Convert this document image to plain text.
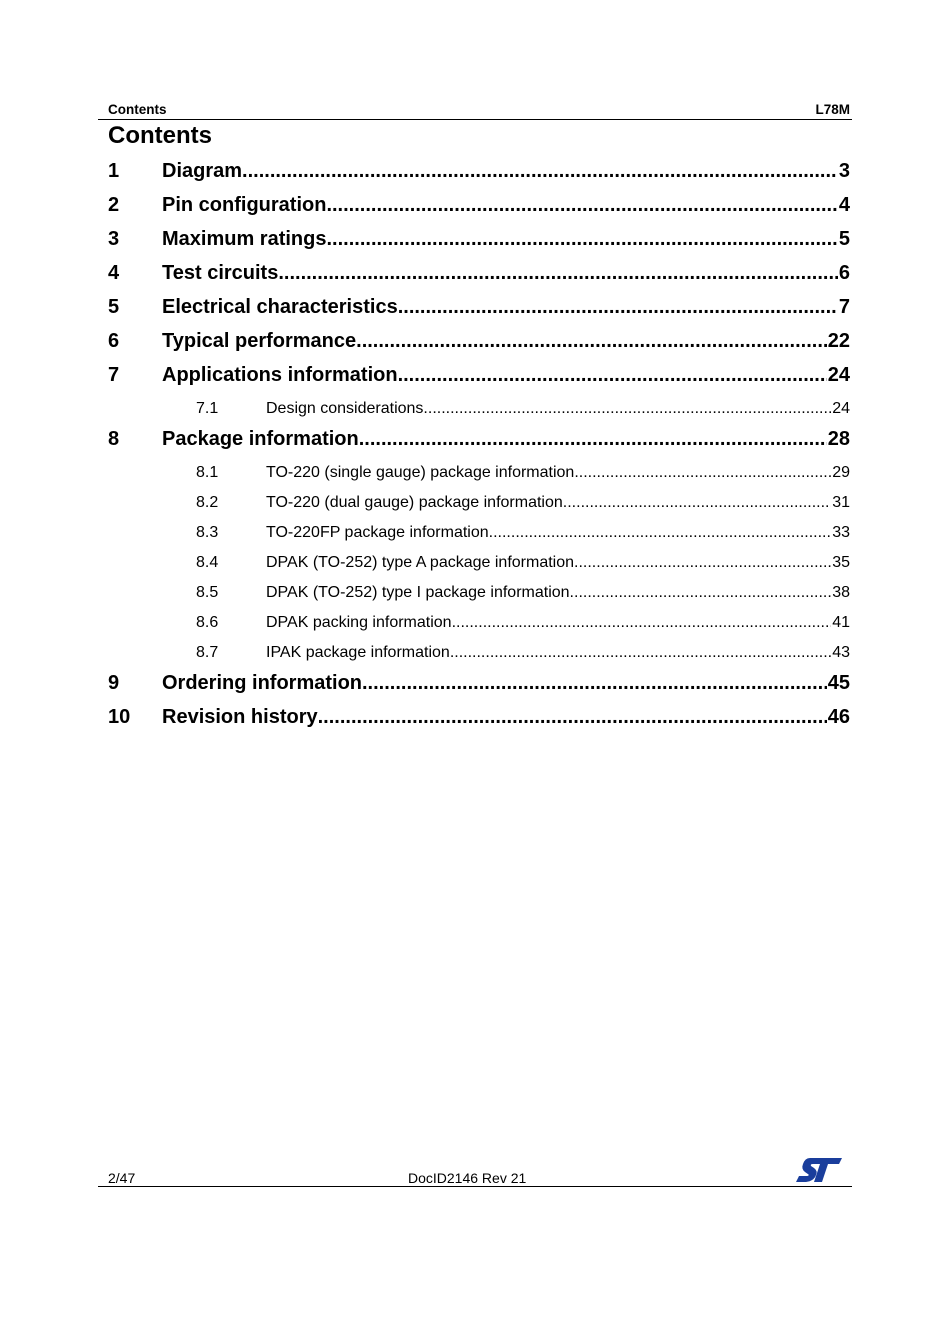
Contents	L78M
Contents
1	Diagram .....	3
2	Pin configuration .....	4
3	Maximum ratings .....	5
4	Test circuits .....	6
5	Electrical characteristics .....	7
6	Typical performance .....	22
7	Applications information .....	24
7.1	Design considerations .....	24
8	Package information .....	28
8.1	TO-220 (single gauge) package information .....	29
8.2	TO-220 (dual gauge) package information .....	31
8.3	TO-220FP package information .....	33
8.4	DPAK (TO-252) type A package information .....	35
8.5	DPAK (TO-252) type I package information .....	38
8.6	DPAK packing information .....	41
8.7	IPAK package information .....	43
9	Ordering information .....	45
10	Revision history .....	46
2/47	DocID2146 Rev 21
